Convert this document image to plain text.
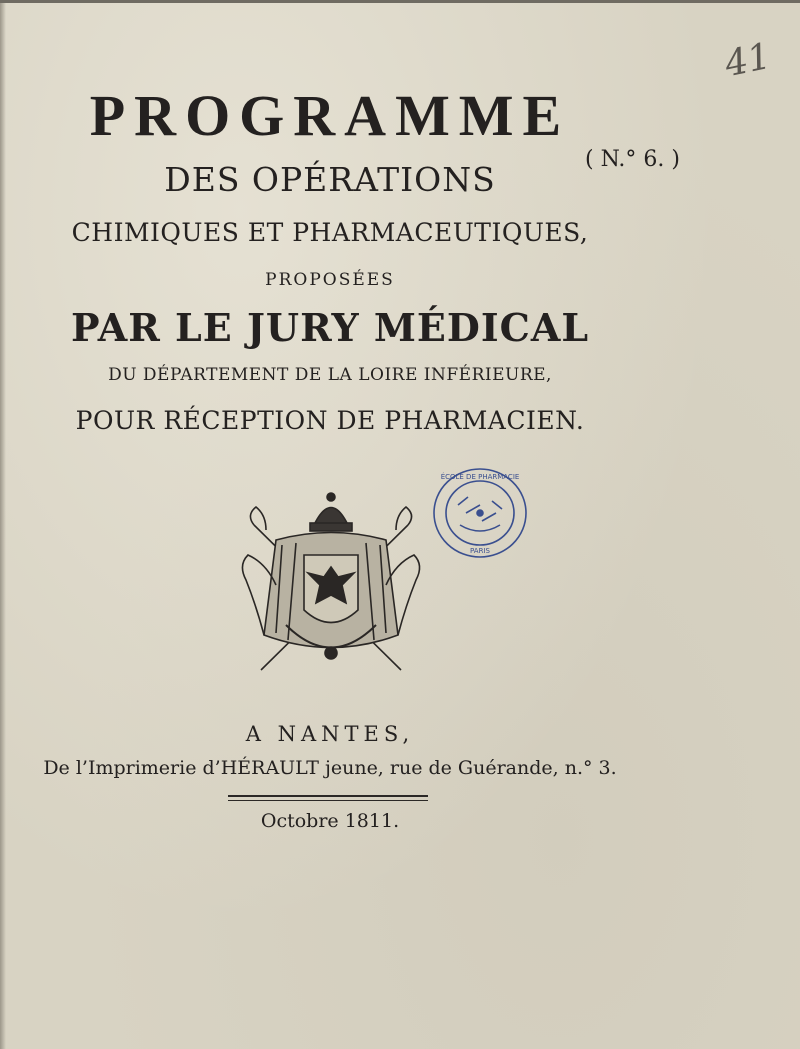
41
PROGRAMME
DES OPÉRATIONS
( N.° 6. )
CHIMIQUES ET PHARMACEUTIQUES,
PROPOSÉES
PAR LE JURY MÉDICAL
DU DÉPARTEMENT DE LA LOIRE INFÉRIEURE,
POUR RÉCEPTION DE PHARMACIEN.
ÉCOLE DE PHARMACIE
PARIS
A NANTES,
De l’Imprimerie d’HÉRAULT jeune, rue de Guérande, n.° 3.
Octobre 1811.
